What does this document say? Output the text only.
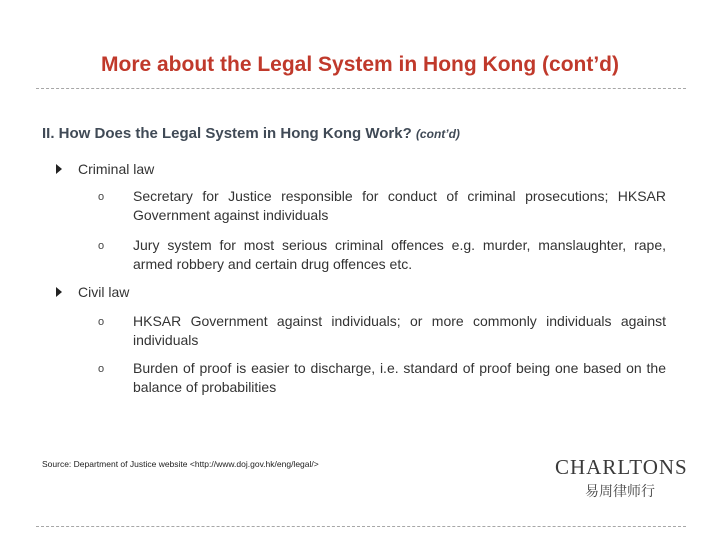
More about the Legal System in Hong Kong (cont’d)
II. How Does the Legal System in Hong Kong Work? (cont’d)
Criminal law
o Secretary for Justice responsible for conduct of criminal prosecutions; HKSAR Government against individuals
o Jury system for most serious criminal offences e.g. murder, manslaughter, rape, armed robbery and certain drug offences etc.
Civil law
o HKSAR Government against individuals; or more commonly individuals against individuals
o Burden of proof is easier to discharge, i.e. standard of proof being one based on the balance of probabilities
Source: Department of Justice website <http://www.doj.gov.hk/eng/legal/>	CHARLTONS
易周律师行
